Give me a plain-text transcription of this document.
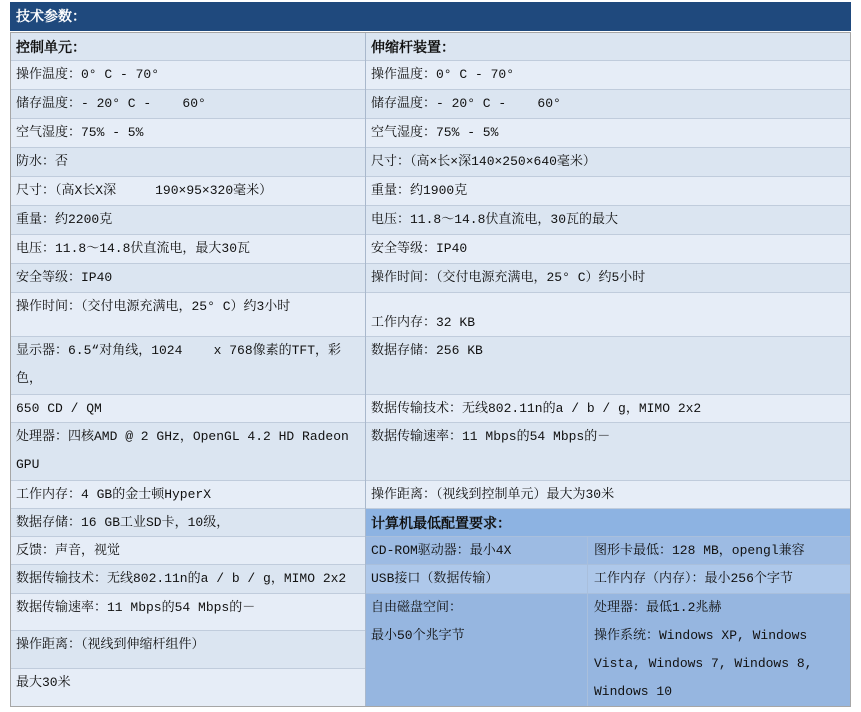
技术参数：
控制单元：
操作温度：0° C - 70°
储存温度：- 20° C -    60°
空气湿度：75% - 5%
防水：否
尺寸：（高X长X深     190×95×320毫米）
重量：约2200克
电压：11.8～14.8伏直流电，最大30瓦
安全等级：IP40
操作时间：（交付电源充满电，25° C）约3小时
显示器：6.5“对角线，1024    x 768像素的TFT，彩
色，
650 CD / QM
处理器：四核AMD @ 2 GHz，OpenGL 4.2 HD Radeon
GPU
工作内存：4 GB的金士顿HyperX
数据存储：16 GB工业SD卡，10级，
反馈：声音，视觉
数据传输技术：无线802.11n的a / b / g，MIMO 2x2
数据传输速率：11 Mbps的54 Mbps的－
操作距离：（视线到伸缩杆组件）
最大30米
伸缩杆装置：
操作温度：0° C - 70°
储存温度：- 20° C -    60°
空气湿度：75% - 5%
尺寸：（高×长×深140×250×640毫米）
重量：约1900克
电压：11.8～14.8伏直流电，30瓦的最大
安全等级：IP40
操作时间：（交付电源充满电，25° C）约5小时
工作内存：32 KB
数据存储：256 KB
数据传输技术：无线802.11n的a / b / g，MIMO 2x2
数据传输速率：11 Mbps的54 Mbps的－
操作距离：（视线到控制单元）最大为30米
计算机最低配置要求：
CD-ROM驱动器：最小4X	图形卡最低：128 MB，opengl兼容
USB接口（数据传输）	工作内存（内存）：最小256个字节
自由磁盘空间：
最小50个兆字节
处理器：最低1.2兆赫
操作系统：Windows XP, Windows
Vista, Windows 7, Windows 8,
Windows 10
